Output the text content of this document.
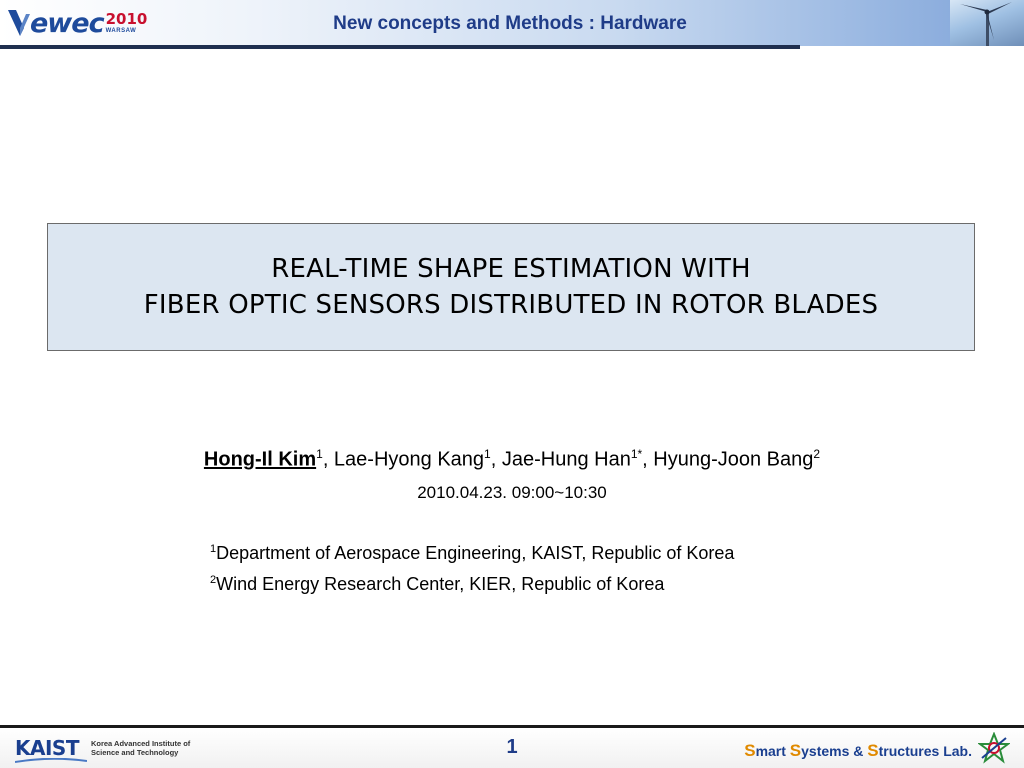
ewec 2010
WARSAW	New concepts and Methods : Hardware
REAL-TIME SHAPE ESTIMATION WITH
FIBER OPTIC SENSORS DISTRIBUTED IN ROTOR BLADES
Hong-Il Kim$^1$, Lae-Hyong Kang$^1$, Jae-Hung Han$^{1*}$, Hyung-Joon Bang$^2$
2010.04.23. 09:00~10:30
$^1$Department of Aerospace Engineering, KAIST, Republic of Korea
$^2$Wind Energy Research Center, KIER, Republic of Korea
KAIST Korea Advanced Institute of
Science and Technology	1	Smart Systems & Structures Lab.
